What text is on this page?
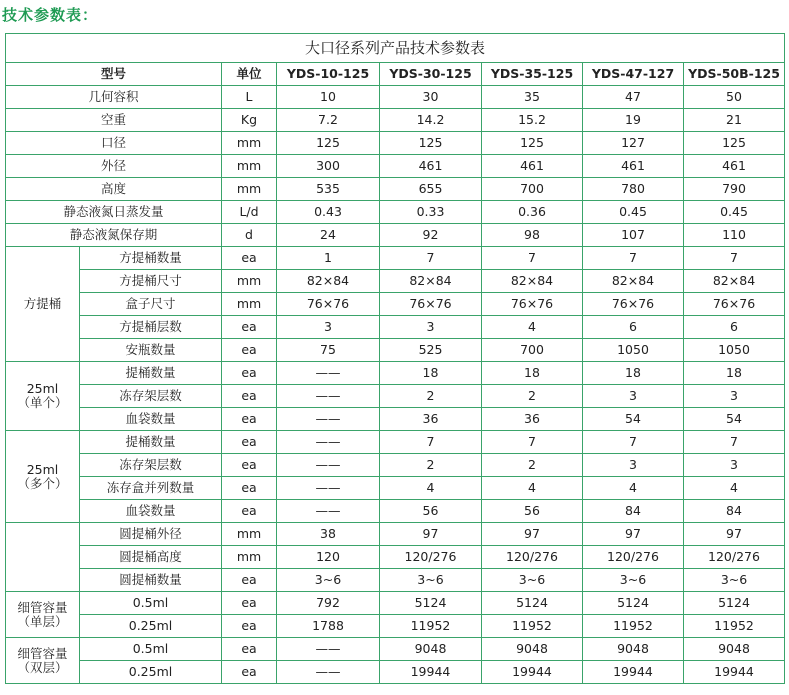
技术参数表：
大口径系列产品技术参数表							
型号		单位	YDS-10-125	YDS-30-125	YDS-35-125	YDS-47-127	YDS-50B-125
几何容积		L	10	30	35	47	50
空重		Kg	7.2	14.2	15.2	19	21
口径		mm	125	125	125	127	125
外径		mm	300	461	461	461	461
高度		mm	535	655	700	780	790
静态液氮日蒸发量		L/d	0.43	0.33	0.36	0.45	0.45
静态液氮保存期		d	24	92	98	107	110
方提桶	方提桶数量	ea	1	7	7	7	7
	方提桶尺寸	mm	82×84	82×84	82×84	82×84	82×84
	盒子尺寸	mm	76×76	76×76	76×76	76×76	76×76
	方提桶层数	ea	3	3	4	6	6
	安瓶数量	ea	75	525	700	1050	1050

25ml
（单个）	提桶数量	ea	——	18	18	18	18
	冻存架层数	ea	——	2	2	3	3
	血袋数量	ea	——	36	36	54	54

25ml
（多个）	提桶数量	ea	——	7	7	7	7
	冻存架层数	ea	——	2	2	3	3
	冻存盒并列数量	ea	——	4	4	4	4
	血袋数量	ea	——	56	56	84	84
	圆提桶外径	mm	38	97	97	97	97
	圆提桶高度	mm	120	120/276	120/276	120/276	120/276
	圆提桶数量	ea	3~6	3~6	3~6	3~6	3~6

细管容量
（单层）	0.5ml	ea	792	5124	5124	5124	5124
	0.25ml	ea	1788	11952	11952	11952	11952

细管容量
（双层）	0.5ml	ea	——	9048	9048	9048	9048
	0.25ml	ea	——	19944	19944	19944	19944
